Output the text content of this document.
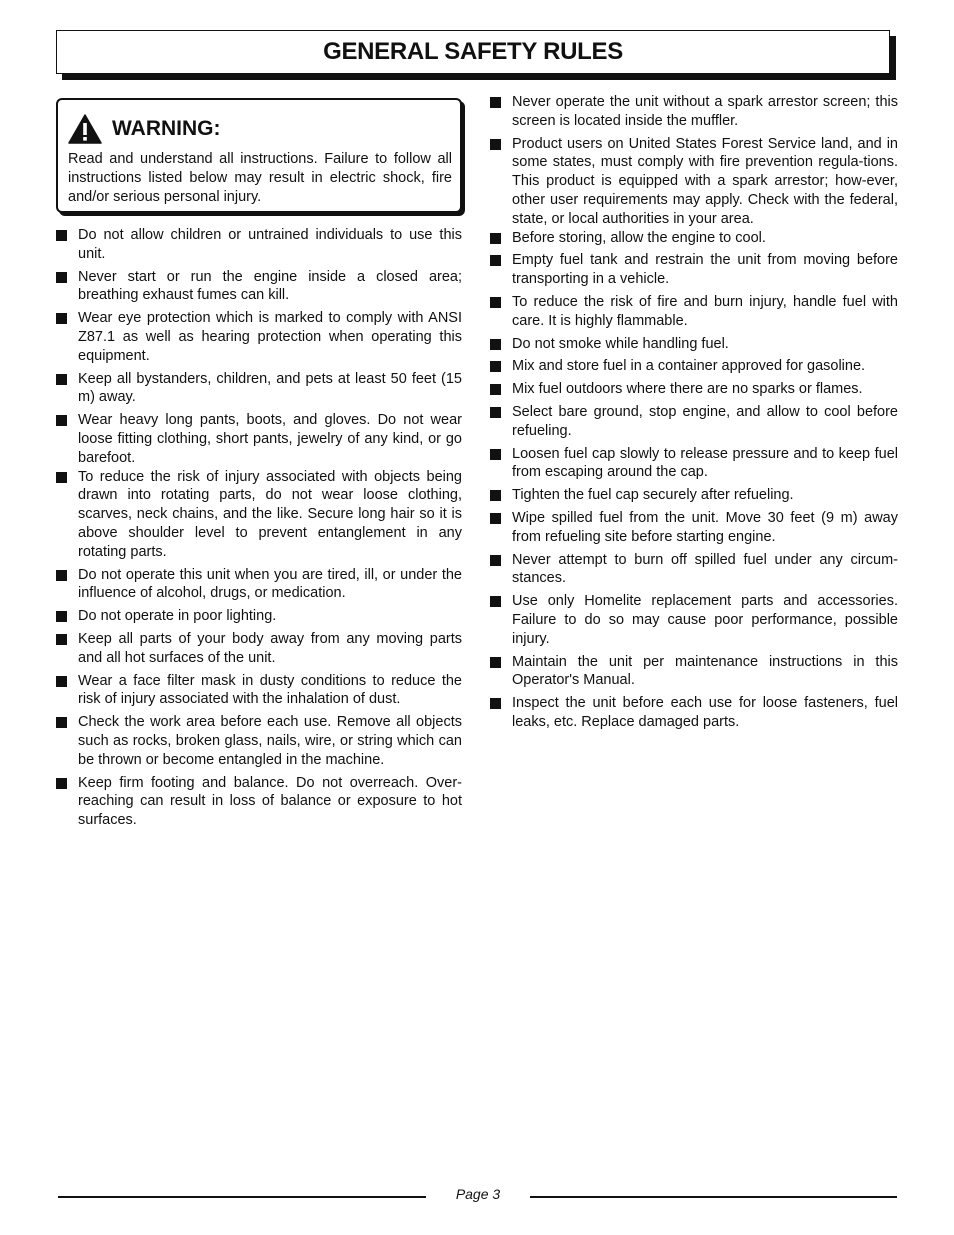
GENERAL SAFETY RULES
WARNING:
Read and understand all instructions. Failure to follow all instructions listed below may result in electric shock, fire and/or serious personal injury.
Do not allow children or untrained individuals to use this unit.
Never start or run the engine inside a closed area; breathing exhaust fumes can kill.
Wear eye protection which is marked to comply with ANSI Z87.1 as well as hearing protection when operating this equipment.
Keep all bystanders, children, and pets at least 50 feet (15 m) away.
Wear heavy long pants, boots, and gloves. Do not wear loose fitting clothing, short pants, jewelry of any kind, or go barefoot.
To reduce the risk of injury associated with objects being drawn into rotating parts, do not wear loose clothing, scarves, neck chains, and the like. Secure long hair so it is above shoulder level to prevent entanglement in any rotating parts.
Do not operate this unit when you are tired, ill, or under the influence of alcohol, drugs, or medication.
Do not operate in poor lighting.
Keep all parts of your body away from any moving parts and all hot surfaces of the unit.
Wear a face filter mask in dusty conditions to reduce the risk of injury associated with the inhalation of dust.
Check the work area before each use. Remove all objects such as rocks, broken glass, nails, wire, or string which can be thrown or become entangled in the machine.
Keep firm footing and balance. Do not overreach. Over-reaching can result in loss of balance or exposure to hot surfaces.
Never operate the unit without a spark arrestor screen; this screen is located inside the muffler.
Product users on United States Forest Service land, and in some states, must comply with fire prevention regula-tions. This product is equipped with a spark arrestor; how-ever, other user requirements may apply. Check with the federal, state, or local authorities in your area.
Before storing, allow the engine to cool.
Empty fuel tank and restrain the unit from moving before transporting in a vehicle.
To reduce the risk of fire and burn injury, handle fuel with care. It is highly flammable.
Do not smoke while handling fuel.
Mix and store fuel in a container approved for gasoline.
Mix fuel outdoors where there are no sparks or flames.
Select bare ground, stop engine, and allow to cool before refueling.
Loosen fuel cap slowly to release pressure and to keep fuel from escaping around the cap.
Tighten the fuel cap securely after refueling.
Wipe spilled fuel from the unit. Move 30 feet (9 m) away from refueling site before starting engine.
Never attempt to burn off spilled fuel under any circum-stances.
Use only Homelite replacement parts and accessories. Failure to do so may cause poor performance, possible injury.
Maintain the unit per maintenance instructions in this Operator's Manual.
Inspect the unit before each use for loose fasteners, fuel leaks, etc. Replace damaged parts.
Page 3
